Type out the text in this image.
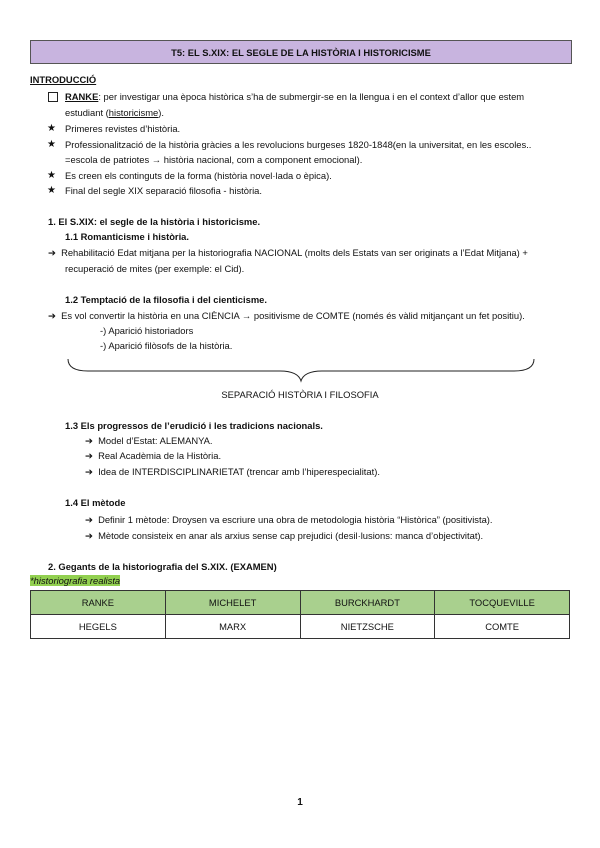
T5: EL S.XIX: EL SEGLE DE LA HISTÒRIA I HISTORICISME
INTRODUCCIÓ
RANKE: per investigar una època històrica s’ha de submergir-se en la llengua i en el context d’allor que estem
estudiant (historicisme).
★ Primeres revistes d’història.
★ Professionalització de la història gràcies a les revolucions burgeses 1820-1848(en la universitat, en les escoles..
=escola de patriotes → història nacional, com a component emocional).
★ Es creen els continguts de la forma (història novel·lada o èpica).
★ Final del segle XIX separació filosofia - història.
1. El S.XIX: el segle de la història i historicisme.
1.1 Romanticisme i història.
➔ Rehabilitació Edat mitjana per la historiografia NACIONAL (molts dels Estats van ser originats a l’Edat Mitjana) +
recuperació de mites (per exemple: el Cid).
1.2 Temptació de la filosofia i del cienticisme.
➔ Es vol convertir la història en una CIÈNCIA → positivisme de COMTE (només és vàlid mitjançant un fet positiu).
-) Aparició historiadors
-) Aparició filòsofs de la història.
SEPARACIÓ HISTÒRIA I FILOSOFIA
1.3 Els progressos de l’erudició i les tradicions nacionals.
➔ Model d’Estat: ALEMANYA.
➔ Real Acadèmia de la Història.
➔ Idea de INTERDISCIPLINARIETAT (trencar amb l’hiperespecialitat).
1.4 El mètode
➔ Definir 1 mètode: Droysen va escriure una obra de metodologia història “Històrica” (positivista).
➔ Mètode consisteix en anar als arxius sense cap prejudici (desil·lusions: manca d’objectivitat).
2. Gegants de la historiografia del S.XIX. (EXAMEN)
*historiografia realista
RANKE	MICHELET	BURCKHARDT	TOCQUEVILLE
HEGELS	MARX	NIETZSCHE	COMTE
1
